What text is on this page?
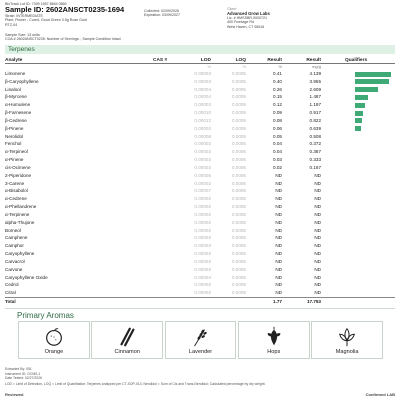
BioTrack Lot ID: 7399 1557 8654 0850
Sample ID: 2602ANSCT0235-1694
Strain: INTERMEDIATE
Plant, Flower - Cured, Good Green 3.5g Rose Gold
RTZ-04
Collected: 02/09/2026
Expiration: 03/09/2027
Client
Advanced Grow Labs
Lic. # HMSSBR.0000721
400 Frontage Rd
West Haven, CT 06516
Sample Size: 13 units
COA # 2602ANSCT0235: Number of Servings: ; Sample Condition Intact
Terpenes
Analyte	CAS #	LOD	LOQ	Result	Result	Qualifiers
%	%	%	mg/g
Limonene	0.00003	0.0005	0.41	4.139
β-Caryophyllene	0.00003	0.0005	0.40	3.955
Linalool	0.00004	0.0005	0.26	2.609
β-Myrcene	0.00004	0.0005	0.15	1.487
α-Humulene	0.00003	0.0005	0.12	1.197
β-Farnesene	0.00010	0.0005	0.09	0.917
β-Cedrene	0.00012	0.0005	0.08	0.822
β-Pinene	0.00002	0.0005	0.06	0.639
Nerolidol	0.00008	0.0005	0.05	0.508
Fenchol	0.00002	0.0005	0.04	0.372
α-Terpineol	0.00002	0.0005	0.04	0.367
α-Pinene	0.00002	0.0005	0.03	0.333
cis-Ocimene	0.00002	0.0005	0.02	0.167
2-Piperidone	0.00005	0.0005	ND	ND
3-Carene	0.00002	0.0005	ND	ND
α-Bisabolol	0.00007	0.0005	ND	ND
α-Cedrene	0.00002	0.0005	ND	ND
α-Phellandrene	0.00002	0.0005	ND	ND
α-Terpinene	0.00002	0.0005	ND	ND
alpha-Thujone	0.00002	0.0005	ND	ND
Borneol	0.00002	0.0005	ND	ND
Camphene	0.00002	0.0005	ND	ND
Camphor	0.00003	0.0005	ND	ND
Caryophyllene	0.00002	0.0005	ND	ND
Carvacrol	0.00002	0.0005	ND	ND
Carvone	0.00002	0.0005	ND	ND
Caryophyllene Oxide	0.00004	0.0005	ND	ND
Cedrol	0.00002	0.0005	ND	ND
Citral	0.00002	0.0005	ND	ND
Total	1.77	17.753
Primary Aromas
Orange	Cinnamon	Lavender	Hops	Magnolia
Extracted By: 051
Instrument ID: GCMS-1
Date Tested: 02/27/2026
LOD = Limit of Detection, LOQ = Limit of Quantitation; Terpenes analyzed per CT-SOP-013; Nerolidol = Sum of Cis and Trans-Nerolidol; Calculated percentage by dry weight.
Reviewed	Confirmed LAB
